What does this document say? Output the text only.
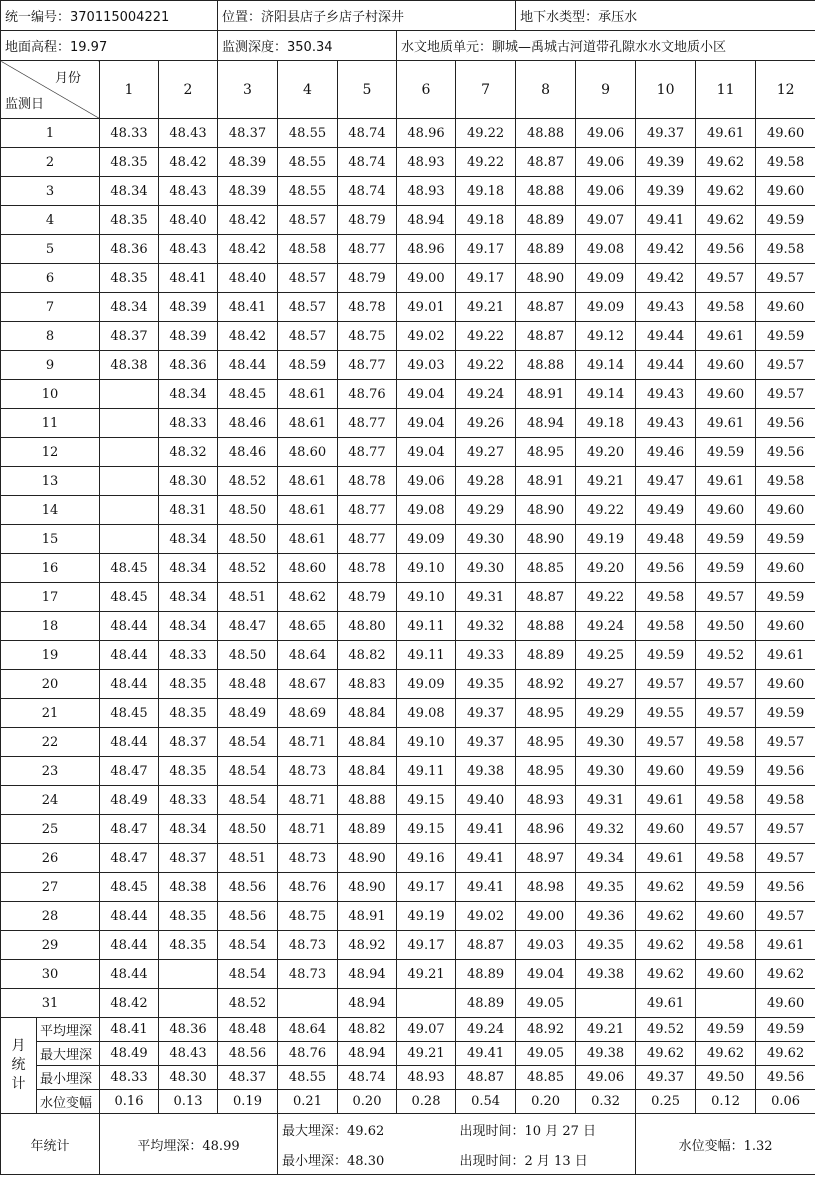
统一编号：370115004221				位置：济阳县店子乡店子村深井					地下水类型：承压水				
地面高程：19.97				监测深度：350.34			水文地质单元：聊城—禹城古河道带孔隙水水文地质小区						

月份
监测日		1	2	3	4	5	6	7	8	9	10	11	12
1		48.33	48.43	48.37	48.55	48.74	48.96	49.22	48.88	49.06	49.37	49.61	49.60
2		48.35	48.42	48.39	48.55	48.74	48.93	49.22	48.87	49.06	49.39	49.62	49.58
3		48.34	48.43	48.39	48.55	48.74	48.93	49.18	48.88	49.06	49.39	49.62	49.60
4		48.35	48.40	48.42	48.57	48.79	48.94	49.18	48.89	49.07	49.41	49.62	49.59
5		48.36	48.43	48.42	48.58	48.77	48.96	49.17	48.89	49.08	49.42	49.56	49.58
6		48.35	48.41	48.40	48.57	48.79	49.00	49.17	48.90	49.09	49.42	49.57	49.57
7		48.34	48.39	48.41	48.57	48.78	49.01	49.21	48.87	49.09	49.43	49.58	49.60
8		48.37	48.39	48.42	48.57	48.75	49.02	49.22	48.87	49.12	49.44	49.61	49.59
9		48.38	48.36	48.44	48.59	48.77	49.03	49.22	48.88	49.14	49.44	49.60	49.57
10			48.34	48.45	48.61	48.76	49.04	49.24	48.91	49.14	49.43	49.60	49.57
11			48.33	48.46	48.61	48.77	49.04	49.26	48.94	49.18	49.43	49.61	49.56
12			48.32	48.46	48.60	48.77	49.04	49.27	48.95	49.20	49.46	49.59	49.56
13			48.30	48.52	48.61	48.78	49.06	49.28	48.91	49.21	49.47	49.61	49.58
14			48.31	48.50	48.61	48.77	49.08	49.29	48.90	49.22	49.49	49.60	49.60
15			48.34	48.50	48.61	48.77	49.09	49.30	48.90	49.19	49.48	49.59	49.59
16		48.45	48.34	48.52	48.60	48.78	49.10	49.30	48.85	49.20	49.56	49.59	49.60
17		48.45	48.34	48.51	48.62	48.79	49.10	49.31	48.87	49.22	49.58	49.57	49.59
18		48.44	48.34	48.47	48.65	48.80	49.11	49.32	48.88	49.24	49.58	49.50	49.60
19		48.44	48.33	48.50	48.64	48.82	49.11	49.33	48.89	49.25	49.59	49.52	49.61
20		48.44	48.35	48.48	48.67	48.83	49.09	49.35	48.92	49.27	49.57	49.57	49.60
21		48.45	48.35	48.49	48.69	48.84	49.08	49.37	48.95	49.29	49.55	49.57	49.59
22		48.44	48.37	48.54	48.71	48.84	49.10	49.37	48.95	49.30	49.57	49.58	49.57
23		48.47	48.35	48.54	48.73	48.84	49.11	49.38	48.95	49.30	49.60	49.59	49.56
24		48.49	48.33	48.54	48.71	48.88	49.15	49.40	48.93	49.31	49.61	49.58	49.58
25		48.47	48.34	48.50	48.71	48.89	49.15	49.41	48.96	49.32	49.60	49.57	49.57
26		48.47	48.37	48.51	48.73	48.90	49.16	49.41	48.97	49.34	49.61	49.58	49.57
27		48.45	48.38	48.56	48.76	48.90	49.17	49.41	48.98	49.35	49.62	49.59	49.56
28		48.44	48.35	48.56	48.75	48.91	49.19	49.02	49.00	49.36	49.62	49.60	49.57
29		48.44	48.35	48.54	48.73	48.92	49.17	48.87	49.03	49.35	49.62	49.58	49.61
30		48.44		48.54	48.73	48.94	49.21	48.89	49.04	49.38	49.62	49.60	49.62
31		48.42		48.52		48.94		48.89	49.05		49.61		49.60

月
统
计	平均埋深	48.41	48.36	48.48	48.64	48.82	49.07	49.24	48.92	49.21	49.52	49.59	49.59
	最大埋深	48.49	48.43	48.56	48.76	48.94	49.21	49.41	49.05	49.38	49.62	49.62	49.62
	最小埋深	48.33	48.30	48.37	48.55	48.74	48.93	48.87	48.85	49.06	49.37	49.50	49.56
	水位变幅	0.16	0.13	0.19	0.21	0.20	0.28	0.54	0.20	0.32	0.25	0.12	0.06
年统计		平均埋深：48.99			最大埋深：49.62			出现时间：10 月 27 日			水位变幅：1.32		
					最小埋深：48.30			出现时间：2 月 13 日					
